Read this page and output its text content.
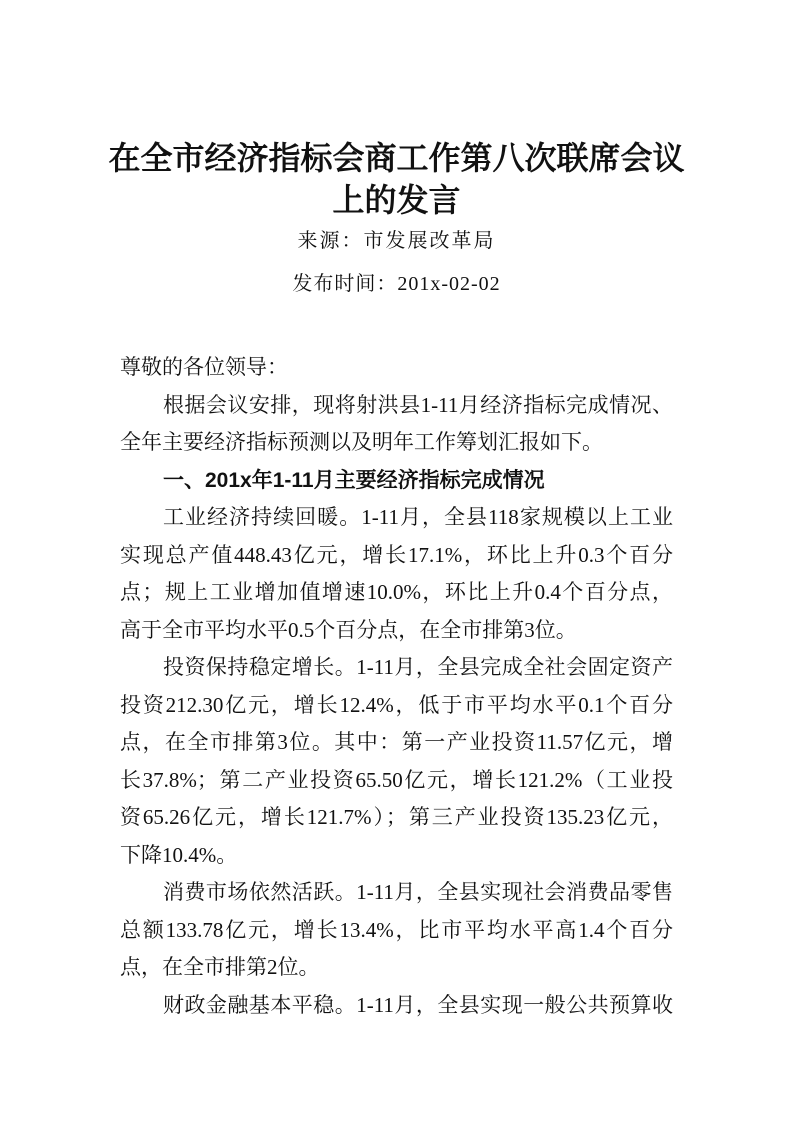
在全市经济指标会商工作第八次联席会议
上的发言
来源：市发展改革局
发布时间：201x-02-02
尊敬的各位领导：
根据会议安排，现将射洪县1-11月经济指标完成情况、
全年主要经济指标预测以及明年工作筹划汇报如下。
一、201x年1-11月主要经济指标完成情况
工业经济持续回暖。1-11月，全县118家规模以上工业
实现总产值448.43亿元，增长17.1%，环比上升0.3个百分
点；规上工业增加值增速10.0%，环比上升0.4个百分点，
高于全市平均水平0.5个百分点，在全市排第3位。
投资保持稳定增长。1-11月，全县完成全社会固定资产
投资212.30亿元，增长12.4%，低于市平均水平0.1个百分
点，在全市排第3位。其中：第一产业投资11.57亿元，增
长37.8%；第二产业投资65.50亿元，增长121.2%（工业投
资65.26亿元，增长121.7%）；第三产业投资135.23亿元，
下降10.4%。
消费市场依然活跃。1-11月，全县实现社会消费品零售
总额133.78亿元，增长13.4%，比市平均水平高1.4个百分
点，在全市排第2位。
财政金融基本平稳。1-11月，全县实现一般公共预算收
